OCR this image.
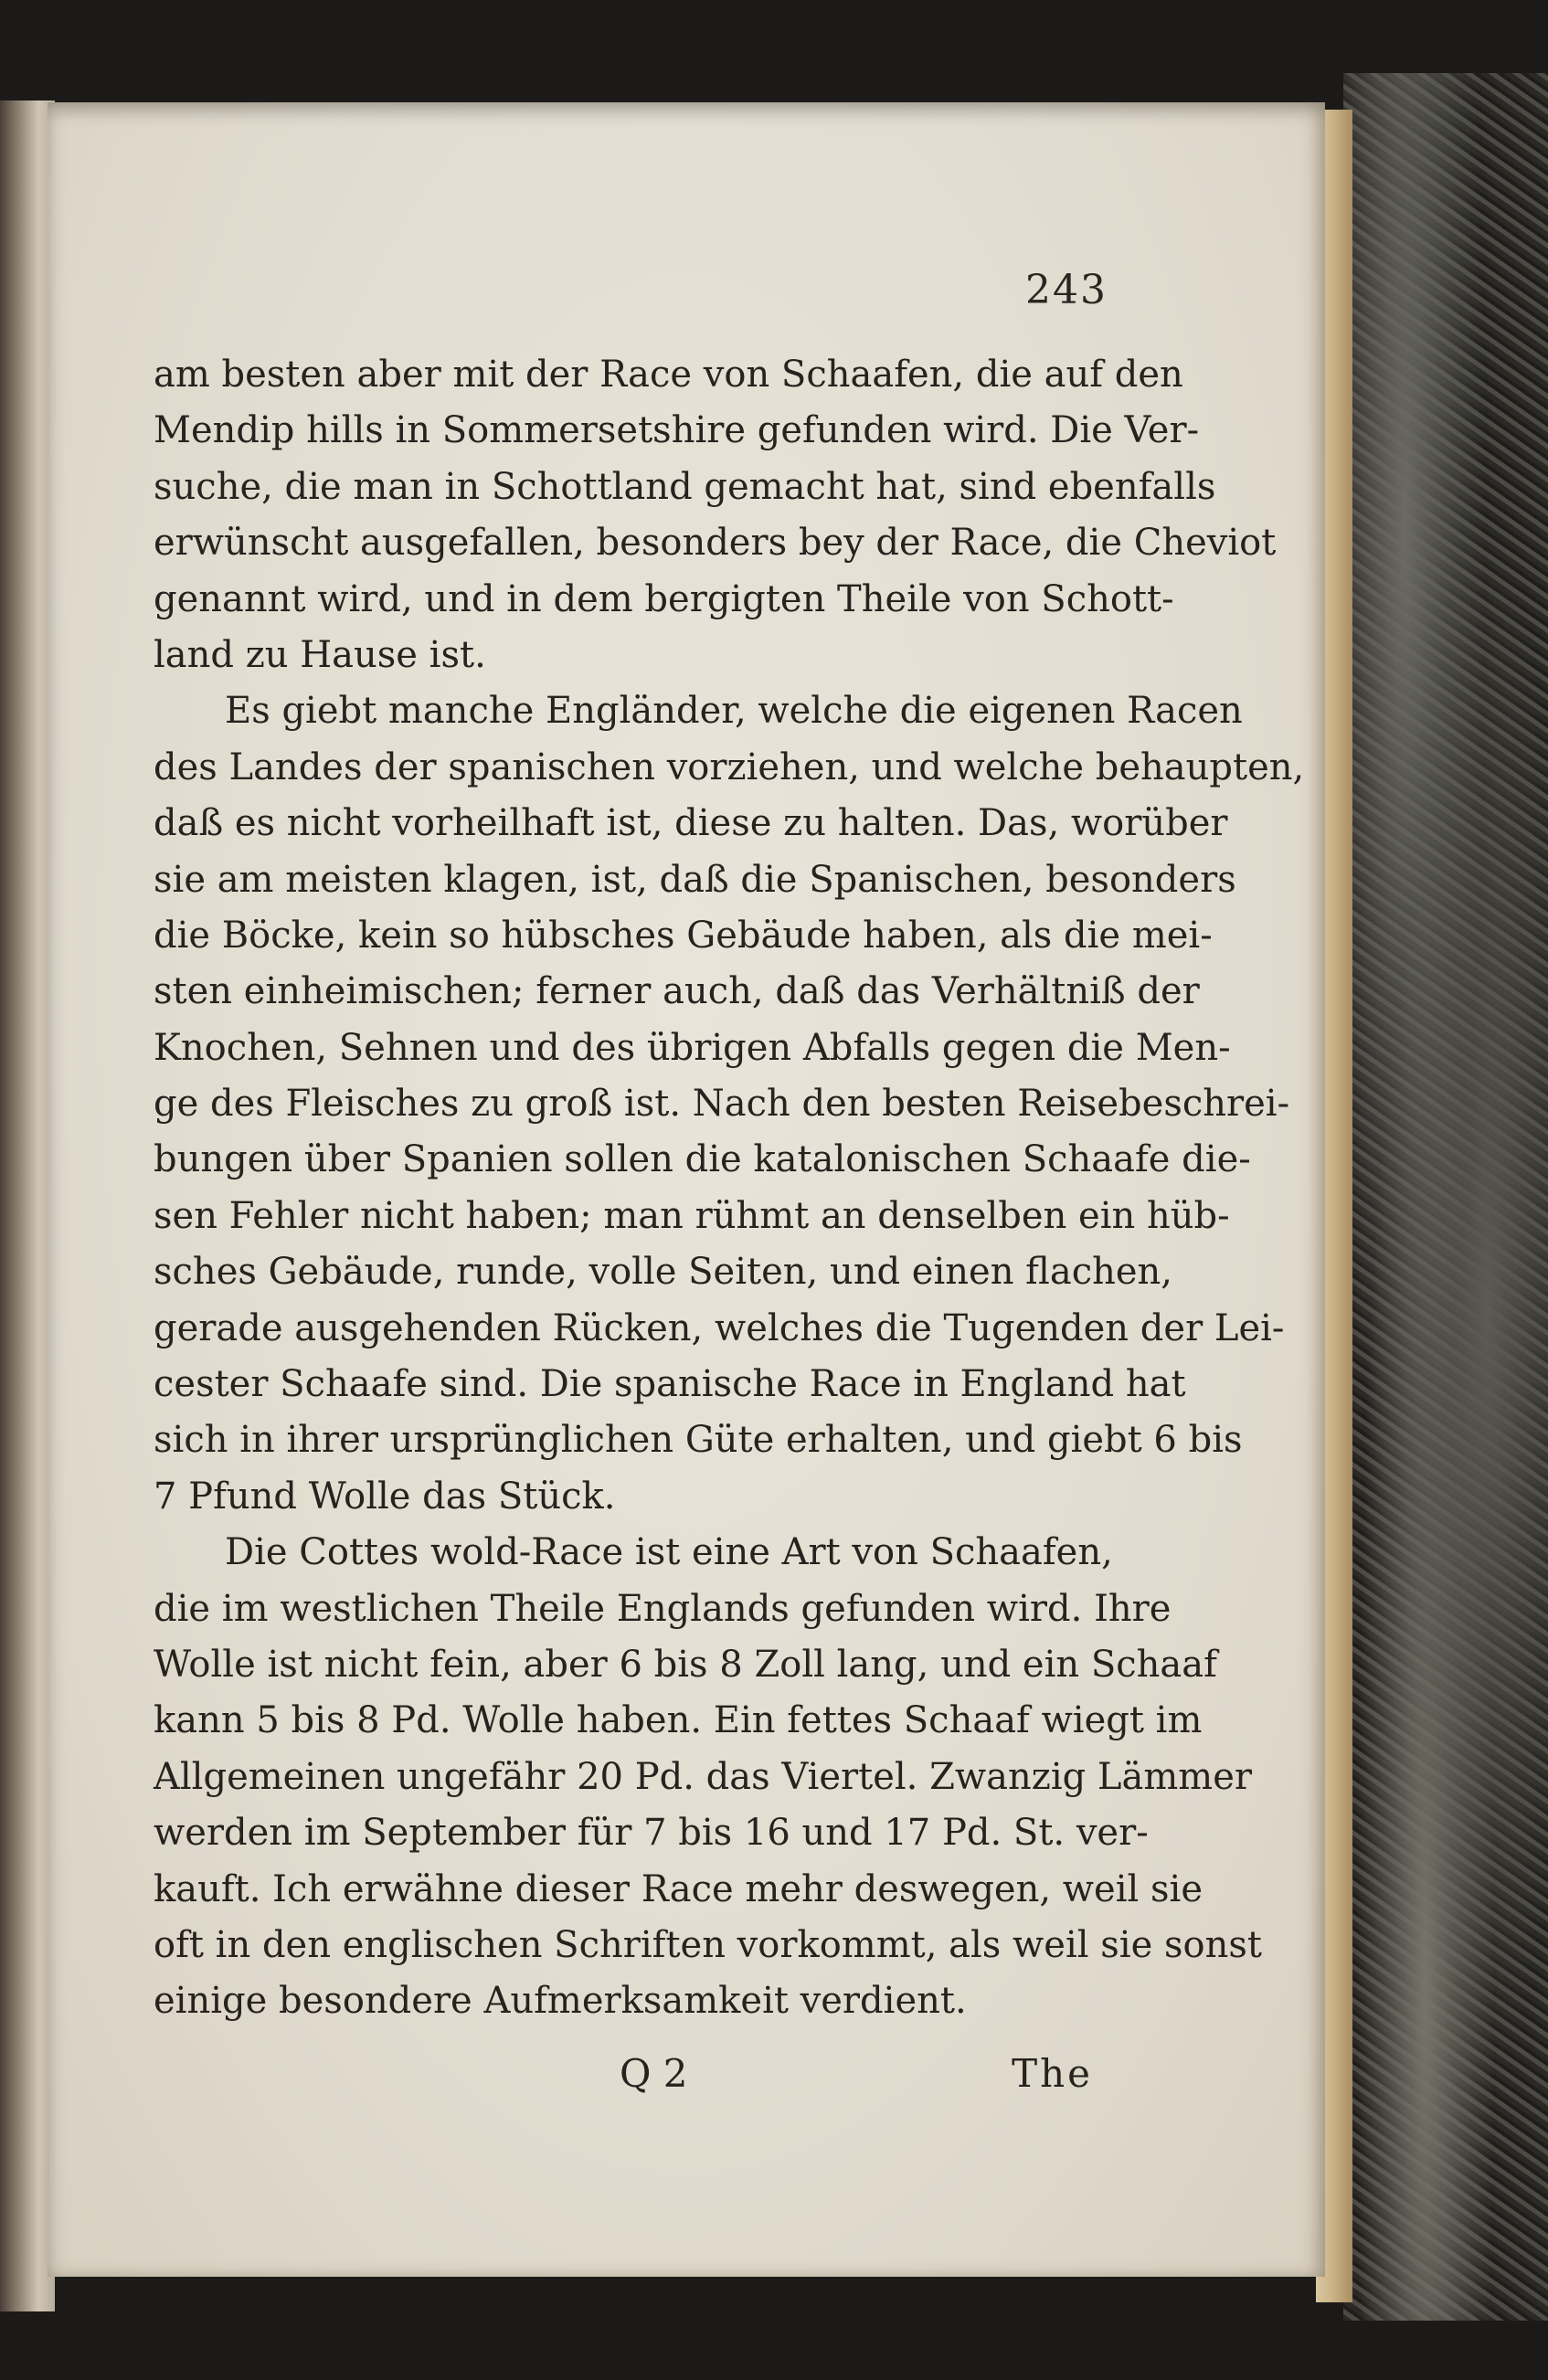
243
am besten aber mit der Race von Schaafen, die auf den
Mendip hills in Sommersetshire gefunden wird. Die Ver-
suche, die man in Schottland gemacht hat, sind ebenfalls
erwünscht ausgefallen, besonders bey der Race, die Cheviot
genannt wird, und in dem bergigten Theile von Schott-
land zu Hause ist.
Es giebt manche Engländer, welche die eigenen Racen
des Landes der spanischen vorziehen, und welche behaupten,
daß es nicht vorheilhaft ist, diese zu halten. Das, worüber
sie am meisten klagen, ist, daß die Spanischen, besonders
die Böcke, kein so hübsches Gebäude haben, als die mei-
sten einheimischen; ferner auch, daß das Verhältniß der
Knochen, Sehnen und des übrigen Abfalls gegen die Men-
ge des Fleisches zu groß ist. Nach den besten Reisebeschrei-
bungen über Spanien sollen die katalonischen Schaafe die-
sen Fehler nicht haben; man rühmt an denselben ein hüb-
sches Gebäude, runde, volle Seiten, und einen flachen,
gerade ausgehenden Rücken, welches die Tugenden der Lei-
cester Schaafe sind. Die spanische Race in England hat
sich in ihrer ursprünglichen Güte erhalten, und giebt 6 bis
7 Pfund Wolle das Stück.
Die Cottes wold-Race ist eine Art von Schaafen,
die im westlichen Theile Englands gefunden wird. Ihre
Wolle ist nicht fein, aber 6 bis 8 Zoll lang, und ein Schaaf
kann 5 bis 8 Pd. Wolle haben. Ein fettes Schaaf wiegt im
Allgemeinen ungefähr 20 Pd. das Viertel. Zwanzig Lämmer
werden im September für 7 bis 16 und 17 Pd. St. ver-
kauft. Ich erwähne dieser Race mehr deswegen, weil sie
oft in den englischen Schriften vorkommt, als weil sie sonst
einige besondere Aufmerksamkeit verdient.
Q 2	The
